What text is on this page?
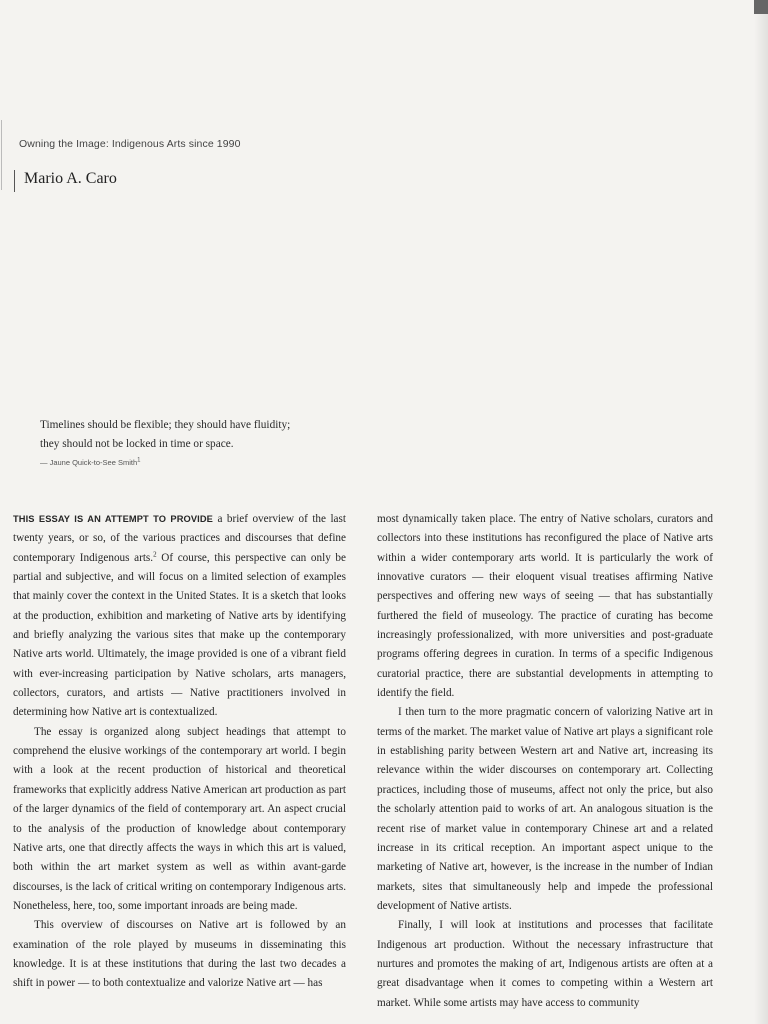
Owning the Image: Indigenous Arts since 1990
Mario A. Caro
Timelines should be flexible; they should have fluidity;
they should not be locked in time or space.
— Jaune Quick-to-See Smith$^1$

THIS ESSAY IS AN ATTEMPT TO PROVIDE a brief overview of the last twenty years, or so, of the various practices and discourses that define contemporary Indigenous arts.$^2$ Of course, this perspective can only be partial and subjective, and will focus on a limited selection of examples that mainly cover the context in the United States. It is a sketch that looks at the production, exhibition and marketing of Native arts by identifying and briefly analyzing the various sites that make up the contemporary Native arts world. Ultimately, the image provided is one of a vibrant field with ever-increasing participation by Native scholars, arts managers, collectors, curators, and artists — Native practitioners involved in determining how Native art is contextualized.

The essay is organized along subject headings that attempt to comprehend the elusive workings of the contemporary art world. I begin with a look at the recent production of historical and theoretical frameworks that explicitly address Native American art production as part of the larger dynamics of the field of contemporary art. An aspect crucial to the analysis of the production of knowledge about contemporary Native arts, one that directly affects the ways in which this art is valued, both within the art market system as well as within avant-garde discourses, is the lack of critical writing on contemporary Indigenous arts. Nonetheless, here, too, some important inroads are being made.

This overview of discourses on Native art is followed by an examination of the role played by museums in disseminating this knowledge. It is at these institutions that during the last two decades a shift in power — to both contextualize and valorize Native art — has

most dynamically taken place. The entry of Native scholars, curators and collectors into these institutions has reconfigured the place of Native arts within a wider contemporary arts world. It is particularly the work of innovative curators — their eloquent visual treatises affirming Native perspectives and offering new ways of seeing — that has substantially furthered the field of museology. The practice of curating has become increasingly professionalized, with more universities and post-graduate programs offering degrees in curation. In terms of a specific Indigenous curatorial practice, there are substantial developments in attempting to identify the field.

I then turn to the more pragmatic concern of valorizing Native art in terms of the market. The market value of Native art plays a significant role in establishing parity between Western art and Native art, increasing its relevance within the wider discourses on contemporary art. Collecting practices, including those of museums, affect not only the price, but also the scholarly attention paid to works of art. An analogous situation is the recent rise of market value in contemporary Chinese art and a related increase in its critical reception. An important aspect unique to the marketing of Native art, however, is the increase in the number of Indian markets, sites that simultaneously help and impede the professional development of Native artists.

Finally, I will look at institutions and processes that facilitate Indigenous art production. Without the necessary infrastructure that nurtures and promotes the making of art, Indigenous artists are often at a great disadvantage when it comes to competing within a Western art market. While some artists may have access to community
